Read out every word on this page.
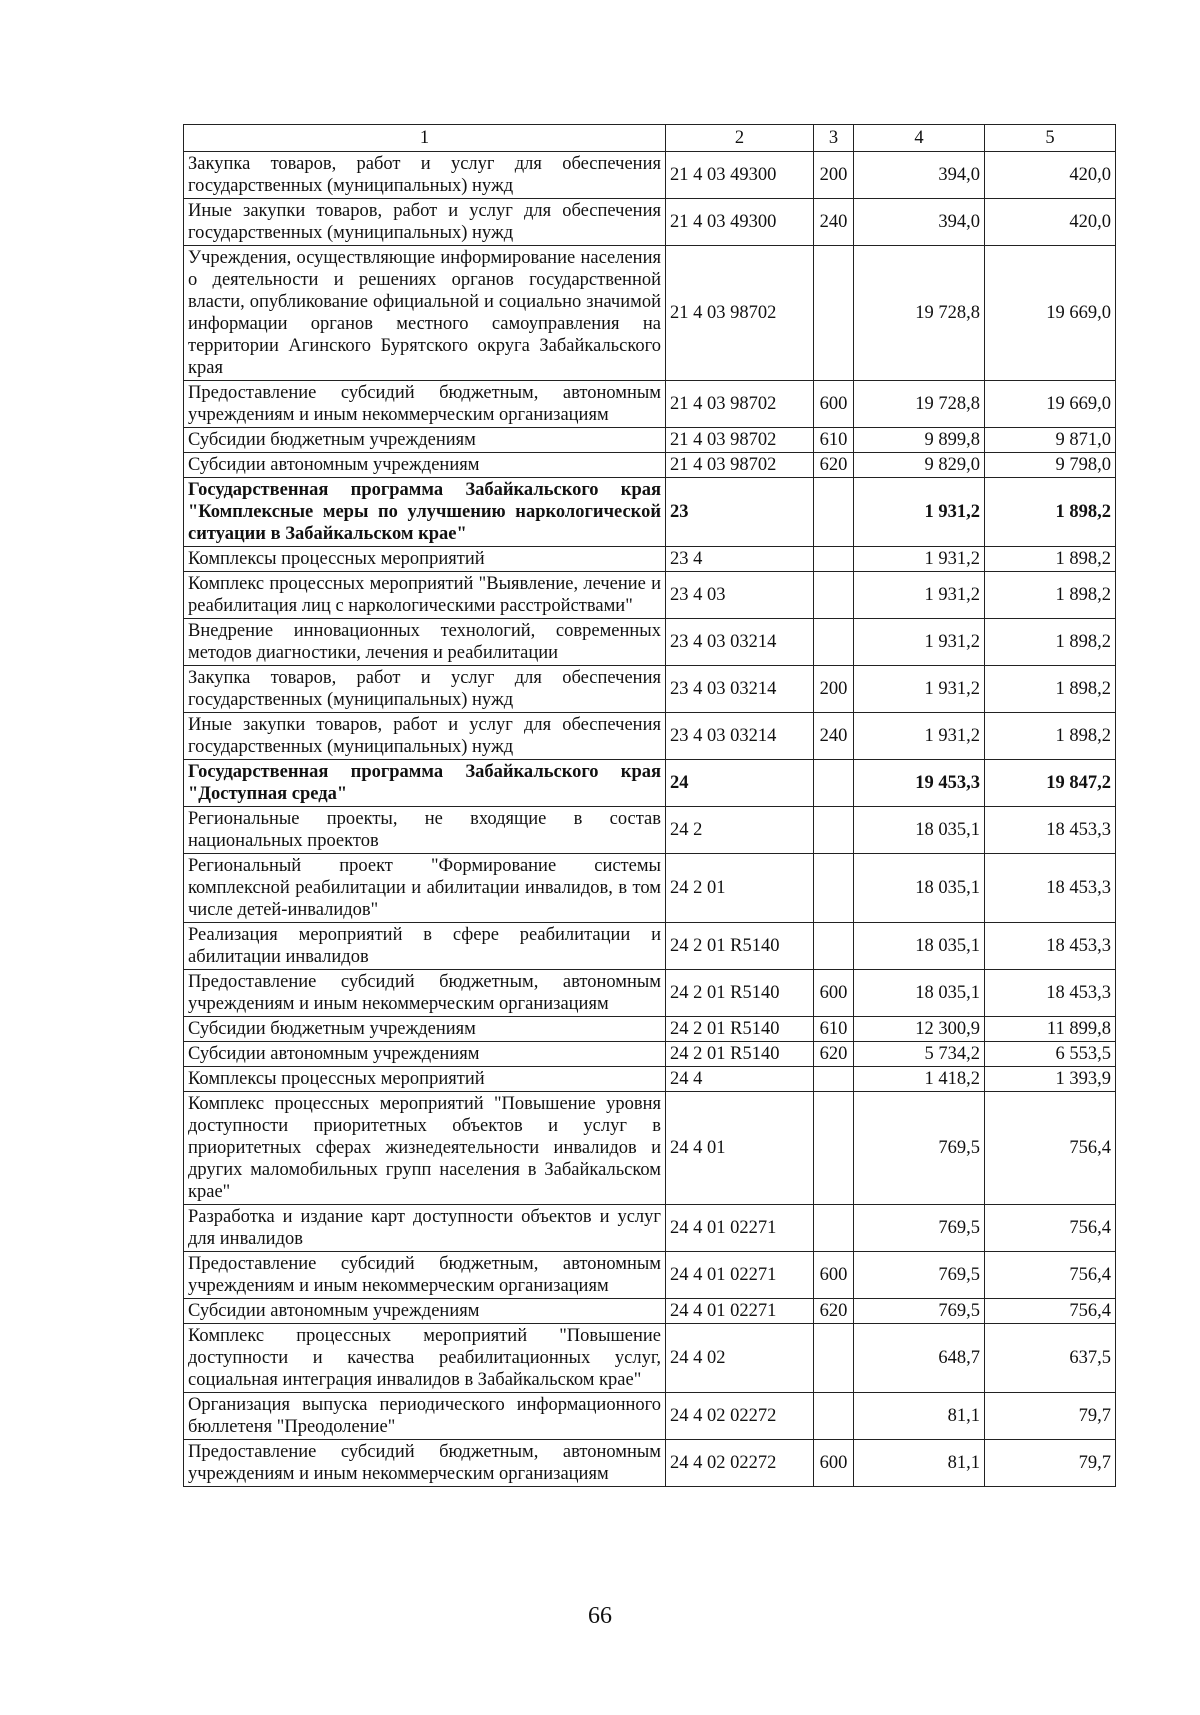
1	2	3	4	5
Закупка товаров, работ и услуг для обеспечения государственных (муниципальных) нужд	21 4 03 49300	200	394,0	420,0
Иные закупки товаров, работ и услуг для обеспечения государственных (муниципальных) нужд	21 4 03 49300	240	394,0	420,0
Учреждения, осуществляющие информирование населения о деятельности и решениях органов государственной власти, опубликование официальной и социально значимой информации органов местного самоуправления на территории Агинского Бурятского округа Забайкальского края	21 4 03 98702		19 728,8	19 669,0
Предоставление субсидий бюджетным, автономным учреждениям и иным некоммерческим организациям	21 4 03 98702	600	19 728,8	19 669,0
Субсидии бюджетным учреждениям	21 4 03 98702	610	9 899,8	9 871,0
Субсидии автономным учреждениям	21 4 03 98702	620	9 829,0	9 798,0
Государственная программа Забайкальского края "Комплексные меры по улучшению наркологической ситуации в Забайкальском крае"	23		1 931,2	1 898,2
Комплексы процессных мероприятий	23 4		1 931,2	1 898,2
Комплекс процессных мероприятий "Выявление, лечение и реабилитация лиц с наркологическими расстройствами"	23 4 03		1 931,2	1 898,2
Внедрение инновационных технологий, современных методов диагностики, лечения и реабилитации	23 4 03 03214		1 931,2	1 898,2
Закупка товаров, работ и услуг для обеспечения государственных (муниципальных) нужд	23 4 03 03214	200	1 931,2	1 898,2
Иные закупки товаров, работ и услуг для обеспечения государственных (муниципальных) нужд	23 4 03 03214	240	1 931,2	1 898,2
Государственная программа Забайкальского края "Доступная среда"	24		19 453,3	19 847,2
Региональные проекты, не входящие в состав национальных проектов	24 2		18 035,1	18 453,3
Региональный проект "Формирование системы комплексной реабилитации и абилитации инвалидов, в том числе детей-инвалидов"	24 2 01		18 035,1	18 453,3
Реализация мероприятий в сфере реабилитации и абилитации инвалидов	24 2 01 R5140		18 035,1	18 453,3
Предоставление субсидий бюджетным, автономным учреждениям и иным некоммерческим организациям	24 2 01 R5140	600	18 035,1	18 453,3
Субсидии бюджетным учреждениям	24 2 01 R5140	610	12 300,9	11 899,8
Субсидии автономным учреждениям	24 2 01 R5140	620	5 734,2	6 553,5
Комплексы процессных мероприятий	24 4		1 418,2	1 393,9
Комплекс процессных мероприятий "Повышение уровня доступности приоритетных объектов и услуг в приоритетных сферах жизнедеятельности инвалидов и других маломобильных групп населения в Забайкальском крае"	24 4 01		769,5	756,4
Разработка и издание карт доступности объектов и услуг для инвалидов	24 4 01 02271		769,5	756,4
Предоставление субсидий бюджетным, автономным учреждениям и иным некоммерческим организациям	24 4 01 02271	600	769,5	756,4
Субсидии автономным учреждениям	24 4 01 02271	620	769,5	756,4
Комплекс процессных мероприятий "Повышение доступности и качества реабилитационных услуг, социальная интеграция инвалидов в Забайкальском крае"	24 4 02		648,7	637,5
Организация выпуска периодического информационного бюллетеня "Преодоление"	24 4 02 02272		81,1	79,7
Предоставление субсидий бюджетным, автономным учреждениям и иным некоммерческим организациям	24 4 02 02272	600	81,1	79,7
66
